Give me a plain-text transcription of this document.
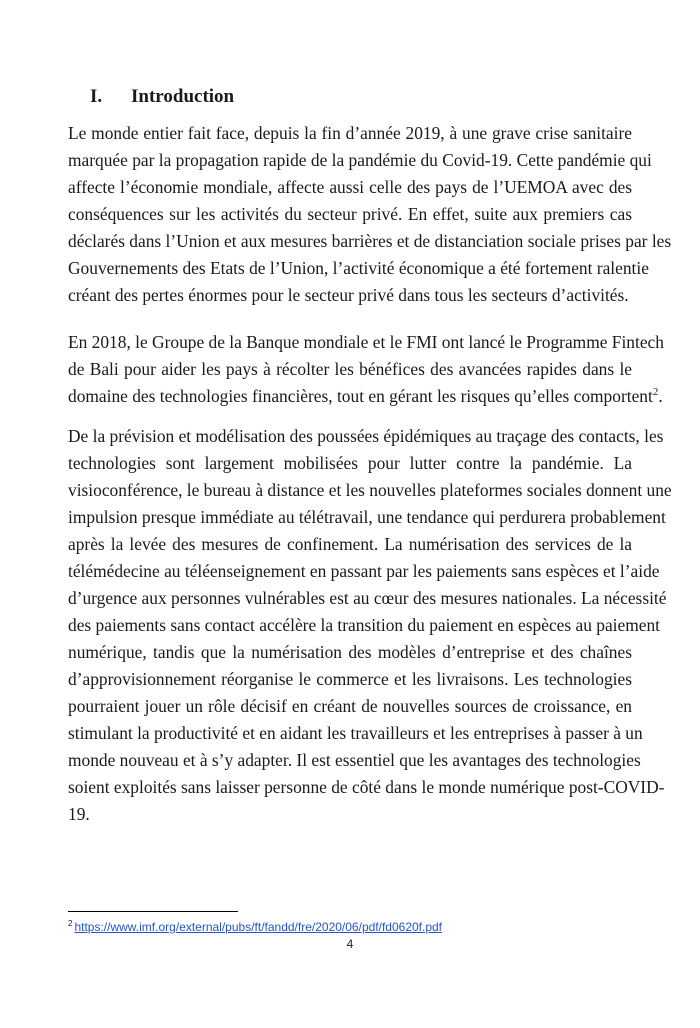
I. Introduction
Le monde entier fait face, depuis la fin d’année 2019, à une grave crise sanitaire
marquée par la propagation rapide de la pandémie du Covid-19. Cette pandémie qui
affecte l’économie mondiale, affecte aussi celle des pays de l’UEMOA avec des
conséquences sur les activités du secteur privé. En effet, suite aux premiers cas
déclarés dans l’Union et aux mesures barrières et de distanciation sociale prises par les
Gouvernements des Etats de l’Union, l’activité économique a été fortement ralentie
créant des pertes énormes pour le secteur privé dans tous les secteurs d’activités.
En 2018, le Groupe de la Banque mondiale et le FMI ont lancé le Programme Fintech
de Bali pour aider les pays à récolter les bénéfices des avancées rapides dans le
domaine des technologies financières, tout en gérant les risques qu’elles comportent$^2$.
De la prévision et modélisation des poussées épidémiques au traçage des contacts, les
technologies sont largement mobilisées pour lutter contre la pandémie. La
visioconférence, le bureau à distance et les nouvelles plateformes sociales donnent une
impulsion presque immédiate au télétravail, une tendance qui perdurera probablement
après la levée des mesures de confinement. La numérisation des services de la
télémédecine au téléenseignement en passant par les paiements sans espèces et l’aide
d’urgence aux personnes vulnérables est au cœur des mesures nationales. La nécessité
des paiements sans contact accélère la transition du paiement en espèces au paiement
numérique, tandis que la numérisation des modèles d’entreprise et des chaînes
d’approvisionnement réorganise le commerce et les livraisons. Les technologies
pourraient jouer un rôle décisif en créant de nouvelles sources de croissance, en
stimulant la productivité et en aidant les travailleurs et les entreprises à passer à un
monde nouveau et à s’y adapter. Il est essentiel que les avantages des technologies
soient exploités sans laisser personne de côté dans le monde numérique post-COVID-
19.
$^2$ https://www.imf.org/external/pubs/ft/fandd/fre/2020/06/pdf/fd0620f.pdf
4
